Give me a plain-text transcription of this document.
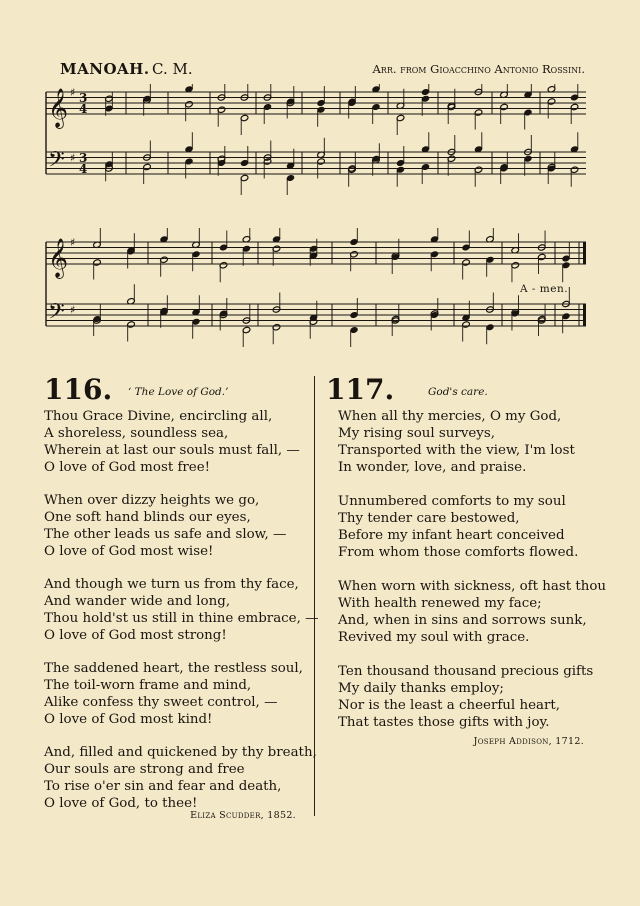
MANOAH. C. M.	Arr. from Gioacchino Antonio Rossini.
𝄞
𝄢
♯
♯
3
4
3
4
𝄞
𝄢
♯
♯
A - men.
116. ‘ The Love of God.’
Thou Grace Divine, encircling all,
A shoreless, soundless sea,
Wherein at last our souls must fall, —
O love of God most free!
When over dizzy heights we go,
One soft hand blinds our eyes,
The other leads us safe and slow, —
O love of God most wise!
And though we turn us from thy face,
And wander wide and long,
Thou hold'st us still in thine embrace, —
O love of God most strong!
The saddened heart, the restless soul,
The toil-worn frame and mind,
Alike confess thy sweet control, —
O love of God most kind!
And, filled and quickened by thy breath,
Our souls are strong and free
To rise o'er sin and fear and death,
O love of God, to thee!
Eliza Scudder, 1852.
117.	God's care.
When all thy mercies, O my God,
My rising soul surveys,
Transported with the view, I'm lost
In wonder, love, and praise.
Unnumbered comforts to my soul
Thy tender care bestowed,
Before my infant heart conceived
From whom those comforts flowed.
When worn with sickness, oft hast thou
With health renewed my face;
And, when in sins and sorrows sunk,
Revived my soul with grace.
Ten thousand thousand precious gifts
My daily thanks employ;
Nor is the least a cheerful heart,
That tastes those gifts with joy.
Joseph Addison, 1712.
